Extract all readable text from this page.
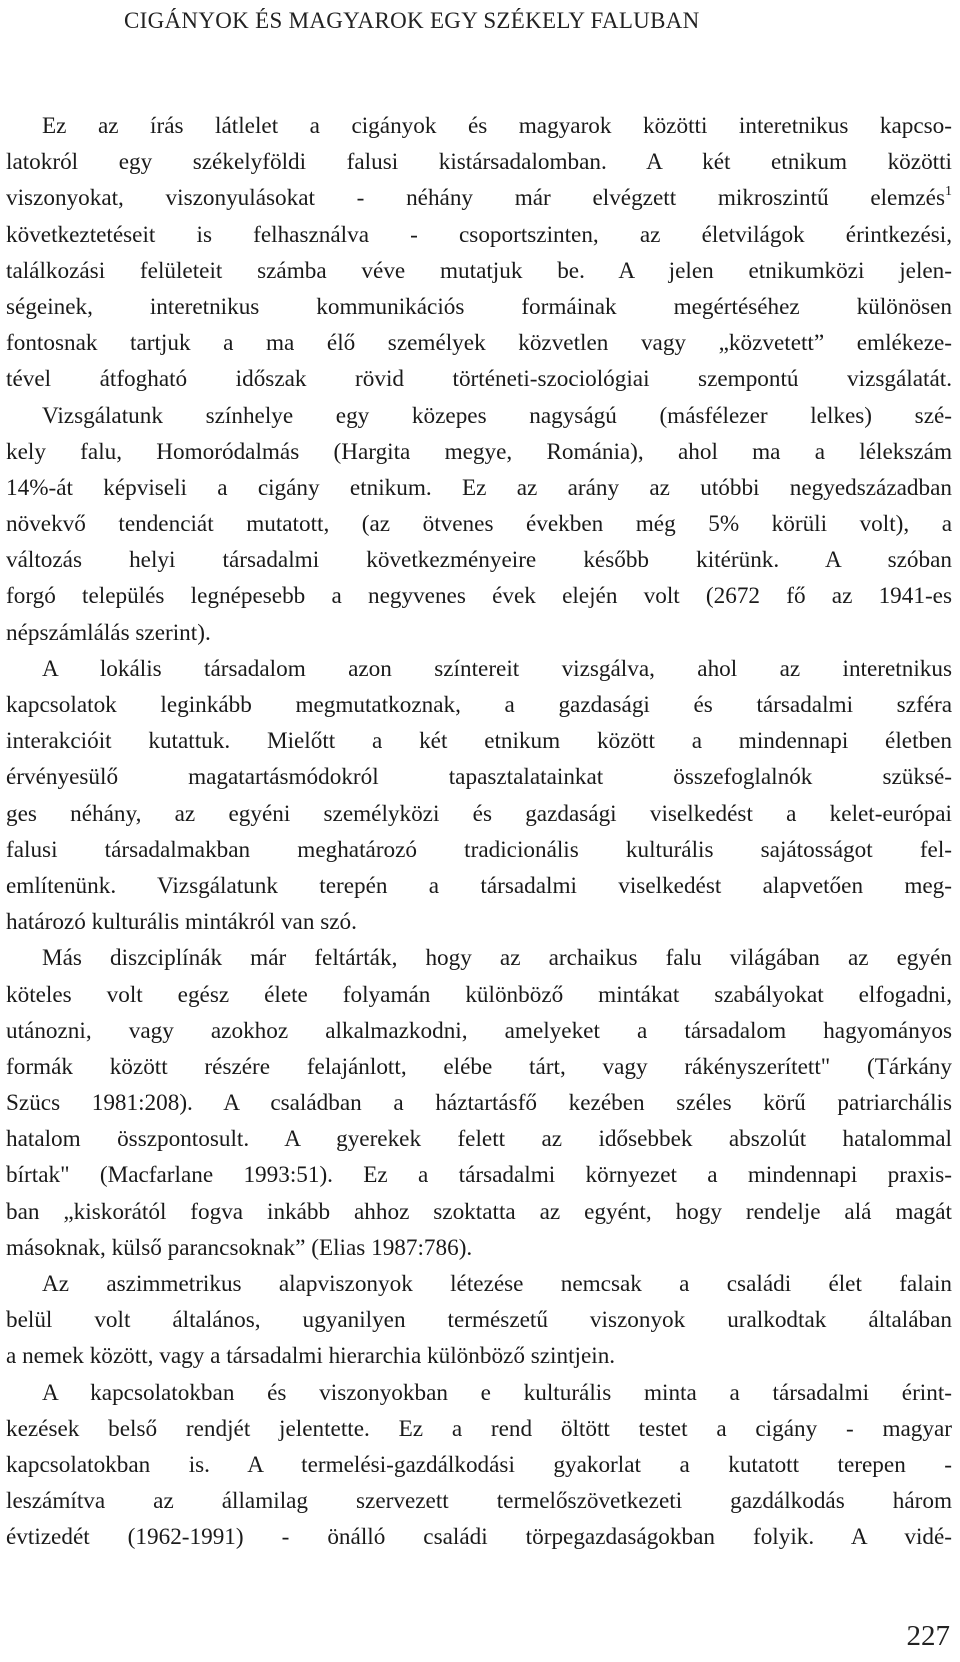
CIGÁNYOK ÉS MAGYAROK EGY SZÉKELY FALUBAN
Ez az írás látlelet a cigányok és magyarok közötti interetnikus kapcso-
latokról egy székelyföldi falusi kistársadalomban. A két etnikum közötti
viszonyokat, viszonyulásokat - néhány már elvégzett mikroszintű elemzés$^1$
következtetéseit is felhasználva - csoportszinten, az életvilágok érintkezési,
találkozási felületeit számba véve mutatjuk be. A jelen etnikumközi jelen-
ségeinek, interetnikus kommunikációs formáinak megértéséhez különösen
fontosnak tartjuk a ma élő személyek közvetlen vagy „közvetett” emlékeze-
tével átfogható időszak rövid történeti-szociológiai szempontú vizsgálatát.
Vizsgálatunk színhelye egy közepes nagyságú (másfélezer lelkes) szé-
kely falu, Homoródalmás (Hargita megye, Románia), ahol ma a lélekszám
14%-át képviseli a cigány etnikum. Ez az arány az utóbbi negyedszázadban
növekvő tendenciát mutatott, (az ötvenes években még 5% körüli volt), a
változás helyi társadalmi következményeire később kitérünk. A szóban
forgó település legnépesebb a negyvenes évek elején volt (2672 fő az 1941-es
népszámlálás szerint).
A lokális társadalom azon színtereit vizsgálva, ahol az interetnikus
kapcsolatok leginkább megmutatkoznak, a gazdasági és társadalmi szféra
interakcióit kutattuk. Mielőtt a két etnikum között a mindennapi életben
érvényesülő magatartásmódokról tapasztalatainkat összefoglalnók szüksé-
ges néhány, az egyéni személyközi és gazdasági viselkedést a kelet-európai
falusi társadalmakban meghatározó tradicionális kulturális sajátosságot fel-
említenünk. Vizsgálatunk terepén a társadalmi viselkedést alapvetően meg-
határozó kulturális mintákról van szó.
Más diszciplínák már feltárták, hogy az archaikus falu világában az egyén
köteles volt egész élete folyamán különböző mintákat szabályokat elfogadni,
utánozni, vagy azokhoz alkalmazkodni, amelyeket a társadalom hagyományos
formák között részére felajánlott, elébe tárt, vagy rákényszerített" (Tárkány
Szücs 1981:208). A családban a háztartásfő kezében széles körű patriarchális
hatalom összpontosult. A gyerekek felett az idősebbek abszolút hatalommal
bírtak" (Macfarlane 1993:51). Ez a társadalmi környezet a mindennapi praxis-
ban „kiskorától fogva inkább ahhoz szoktatta az egyént, hogy rendelje alá magát
másoknak, külső parancsoknak” (Elias 1987:786).
Az aszimmetrikus alapviszonyok létezése nemcsak a családi élet falain
belül volt általános, ugyanilyen természetű viszonyok uralkodtak általában
a nemek között, vagy a társadalmi hierarchia különböző szintjein.
A kapcsolatokban és viszonyokban e kulturális minta a társadalmi érint-
kezések belső rendjét jelentette. Ez a rend öltött testet a cigány - magyar
kapcsolatokban is. A termelési-gazdálkodási gyakorlat a kutatott terepen -
leszámítva az államilag szervezett termelőszövetkezeti gazdálkodás három
évtizedét (1962-1991) - önálló családi törpegazdaságokban folyik. A vidé-
227
